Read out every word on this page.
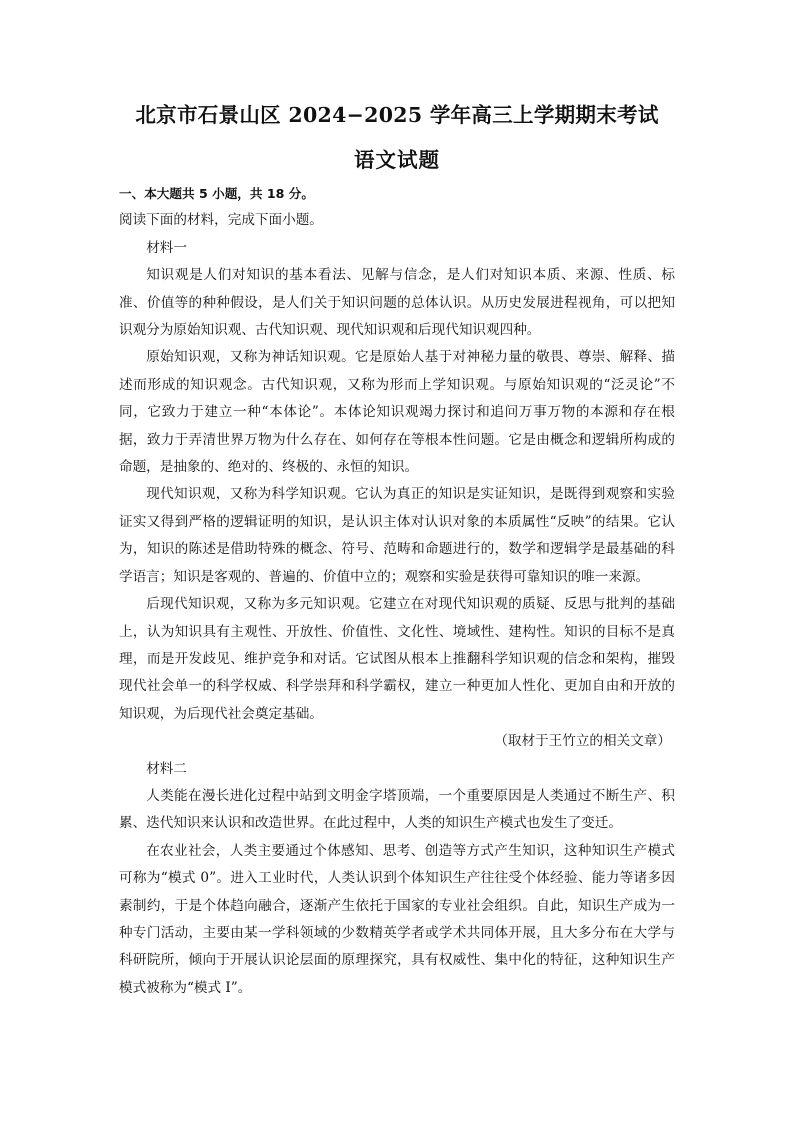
北京市石景山区 2024−2025 学年高三上学期期末考试
语文试题

一、本大题共 5 小题，共 18 分。

阅读下面的材料，完成下面小题。

材料一

知识观是人们对知识的基本看法、见解与信念，是人们对知识本质、来源、性质、标准、价值等的种种假设，是人们关于知识问题的总体认识。从历史发展进程视角，可以把知识观分为原始知识观、古代知识观、现代知识观和后现代知识观四种。

原始知识观，又称为神话知识观。它是原始人基于对神秘力量的敬畏、尊崇、解释、描述而形成的知识观念。古代知识观，又称为形而上学知识观。与原始知识观的“泛灵论”不同，它致力于建立一种“本体论”。本体论知识观竭力探讨和追问万事万物的本源和存在根据，致力于弄清世界万物为什么存在、如何存在等根本性问题。它是由概念和逻辑所构成的命题，是抽象的、绝对的、终极的、永恒的知识。

现代知识观，又称为科学知识观。它认为真正的知识是实证知识，是既得到观察和实验证实又得到严格的逻辑证明的知识，是认识主体对认识对象的本质属性“反映”的结果。它认为，知识的陈述是借助特殊的概念、符号、范畴和命题进行的，数学和逻辑学是最基础的科学语言；知识是客观的、普遍的、价值中立的；观察和实验是获得可靠知识的唯一来源。

后现代知识观，又称为多元知识观。它建立在对现代知识观的质疑、反思与批判的基础上，认为知识具有主观性、开放性、价值性、文化性、境域性、建构性。知识的目标不是真理，而是开发歧见、维护竞争和对话。它试图从根本上推翻科学知识观的信念和架构，摧毁现代社会单一的科学权威、科学崇拜和科学霸权，建立一种更加人性化、更加自由和开放的知识观，为后现代社会奠定基础。

（取材于王竹立的相关文章）

材料二

人类能在漫长进化过程中站到文明金字塔顶端，一个重要原因是人类通过不断生产、积累、迭代知识来认识和改造世界。在此过程中，人类的知识生产模式也发生了变迁。

在农业社会，人类主要通过个体感知、思考、创造等方式产生知识，这种知识生产模式可称为“模式 0”。进入工业时代，人类认识到个体知识生产往往受个体经验、能力等诸多因素制约，于是个体趋向融合，逐渐产生依托于国家的专业社会组织。自此，知识生产成为一种专门活动，主要由某一学科领域的少数精英学者或学术共同体开展，且大多分布在大学与科研院所，倾向于开展认识论层面的原理探究，具有权威性、集中化的特征，这种知识生产模式被称为“模式 I”。
